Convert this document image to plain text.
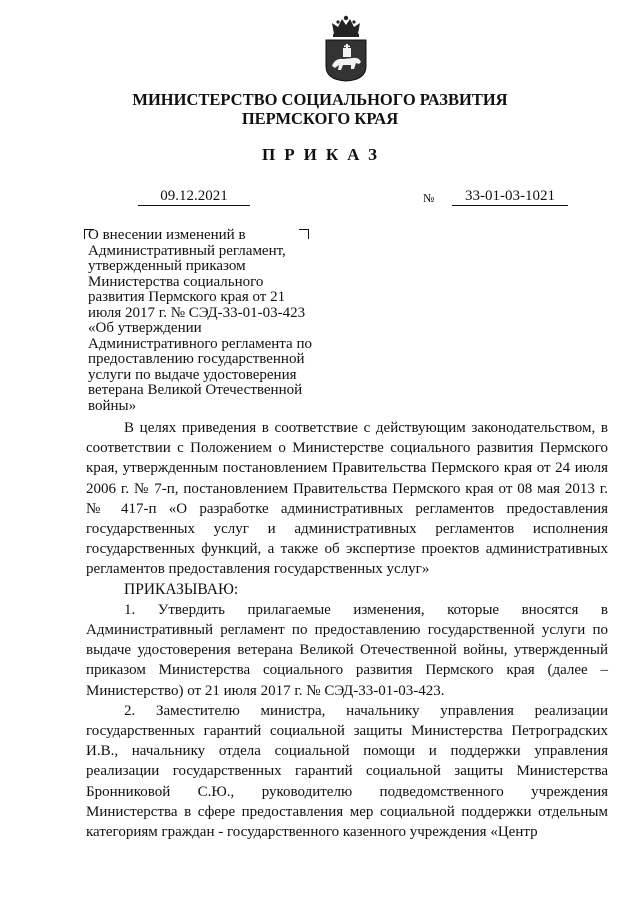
МИНИСТЕРСТВО СОЦИАЛЬНОГО РАЗВИТИЯ
ПЕРМСКОГО КРАЯ
ПРИКАЗ
09.12.2021	№	33-01-03-1021
О внесении изменений в Административный регламент, утвержденный приказом Министерства социального развития Пермского края от 21 июля 2017 г. № СЭД-33-01-03-423 «Об утверждении Административного регламента по предоставлению государственной услуги по выдаче удостоверения ветерана Великой Отечественной войны»

В целях приведения в соответствие с действующим законодательством, в соответствии с Положением о Министерстве социального развития Пермского края, утвержденным постановлением Правительства Пермского края от 24 июля 2006 г. № 7-п, постановлением Правительства Пермского края от 08 мая 2013 г. № 417-п «О разработке административных регламентов предоставления государственных услуг и административных регламентов исполнения государственных функций, а также об экспертизе проектов административных регламентов предоставления государственных услуг»

ПРИКАЗЫВАЮ:

1. Утвердить прилагаемые изменения, которые вносятся в Административный регламент по предоставлению государственной услуги по выдаче удостоверения ветерана Великой Отечественной войны, утвержденный приказом Министерства социального развития Пермского края (далее – Министерство) от 21 июля 2017 г. № СЭД-33-01-03-423.

2. Заместителю министра, начальнику управления реализации государственных гарантий социальной защиты Министерства Петроградских И.В., начальнику отдела социальной помощи и поддержки управления реализации государственных гарантий социальной защиты Министерства Бронниковой С.Ю., руководителю подведомственного учреждения Министерства в сфере предоставления мер социальной поддержки отдельным категориям граждан - государственного казенного учреждения «Центр
